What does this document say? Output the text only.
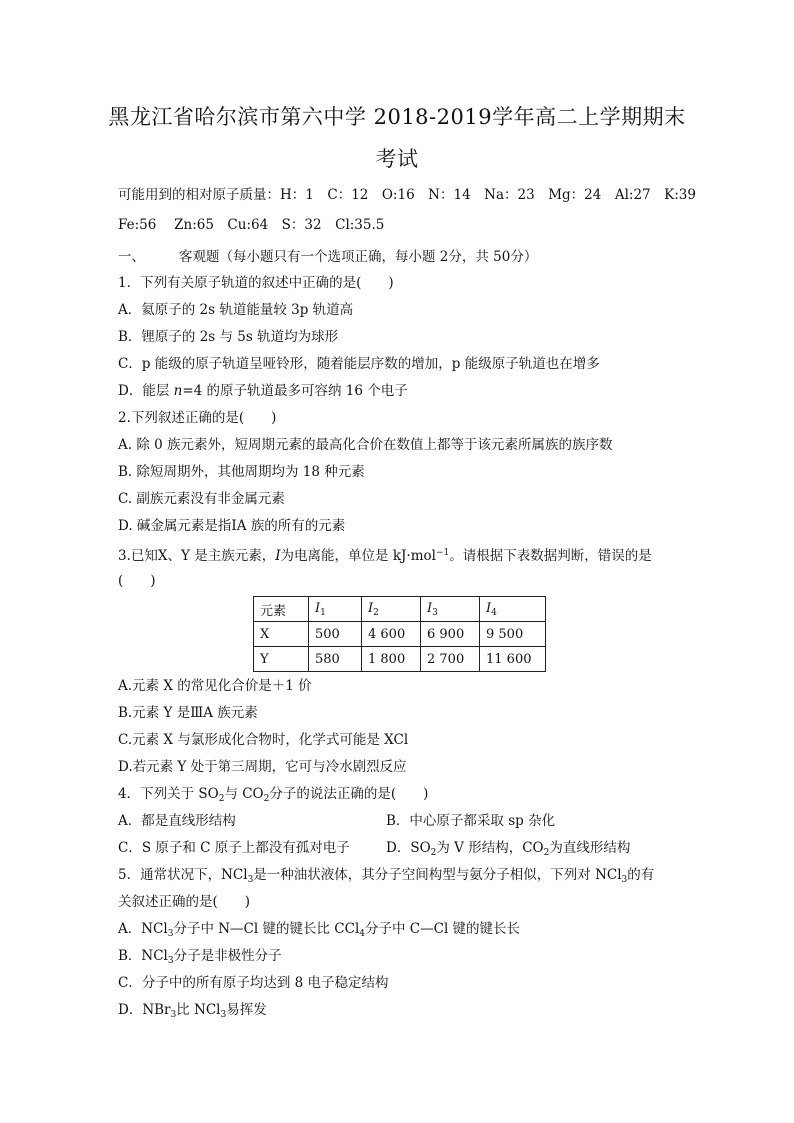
黑龙江省哈尔滨市第六中学 2018-2019学年高二上学期期末
考试
可能用到的相对原子质量：H：1　C：12　O:16　N：14　Na：23　Mg：24　Al:27　K:39
Fe:56　 Zn:65　Cu:64　S：32　Cl:35.5
一、	客观题（每小题只有一个选项正确，每小题 2分，共 50分）
1．下列有关原子轨道的叙述中正确的是(　　)
A．氦原子的 2s 轨道能量较 3p 轨道高
B．锂原子的 2s 与 5s 轨道均为球形
C．p 能级的原子轨道呈哑铃形，随着能层序数的增加，p 能级原子轨道也在增多
D．能层 n=4 的原子轨道最多可容纳 16 个电子
2.下列叙述正确的是(　　)
A. 除 0 族元素外，短周期元素的最高化合价在数值上都等于该元素所属族的族序数
B. 除短周期外，其他周期均为 18 种元素
C. 副族元素没有非金属元素
D. 碱金属元素是指ⅠA 族的所有的元素
3.已知X、Y 是主族元素，I为电离能，单位是 kJ·mol$^{-1}$。请根据下表数据判断，错误的是
(　　)
元素	$I_1$	$I_2$	$I_3$	$I_4$
X	500	4 600	6 900	9 500
Y	580	1 800	2 700	11 600
A.元素 X 的常见化合价是＋1 价
B.元素 Y 是ⅢA 族元素
C.元素 X 与氯形成化合物时，化学式可能是 XCl
D.若元素 Y 处于第三周期，它可与冷水剧烈反应
4．下列关于 $SO_2$与 $CO_2$分子的说法正确的是(　　)
A．都是直线形结构	B．中心原子都采取 sp 杂化
C．S 原子和 C 原子上都没有孤对电子	D．$SO_2$为 V 形结构，$CO_2$为直线形结构
5．通常状况下，NCl$_3$是一种油状液体，其分子空间构型与氨分子相似，下列对 NCl$_3$的有
关叙述正确的是(　　)
A．NCl$_3$分子中 N—Cl 键的键长比 CCl$_4$分子中 C—Cl 键的键长长
B．NCl$_3$分子是非极性分子
C．分子中的所有原子均达到 8 电子稳定结构
D．NBr$_3$比 NCl$_3$易挥发
